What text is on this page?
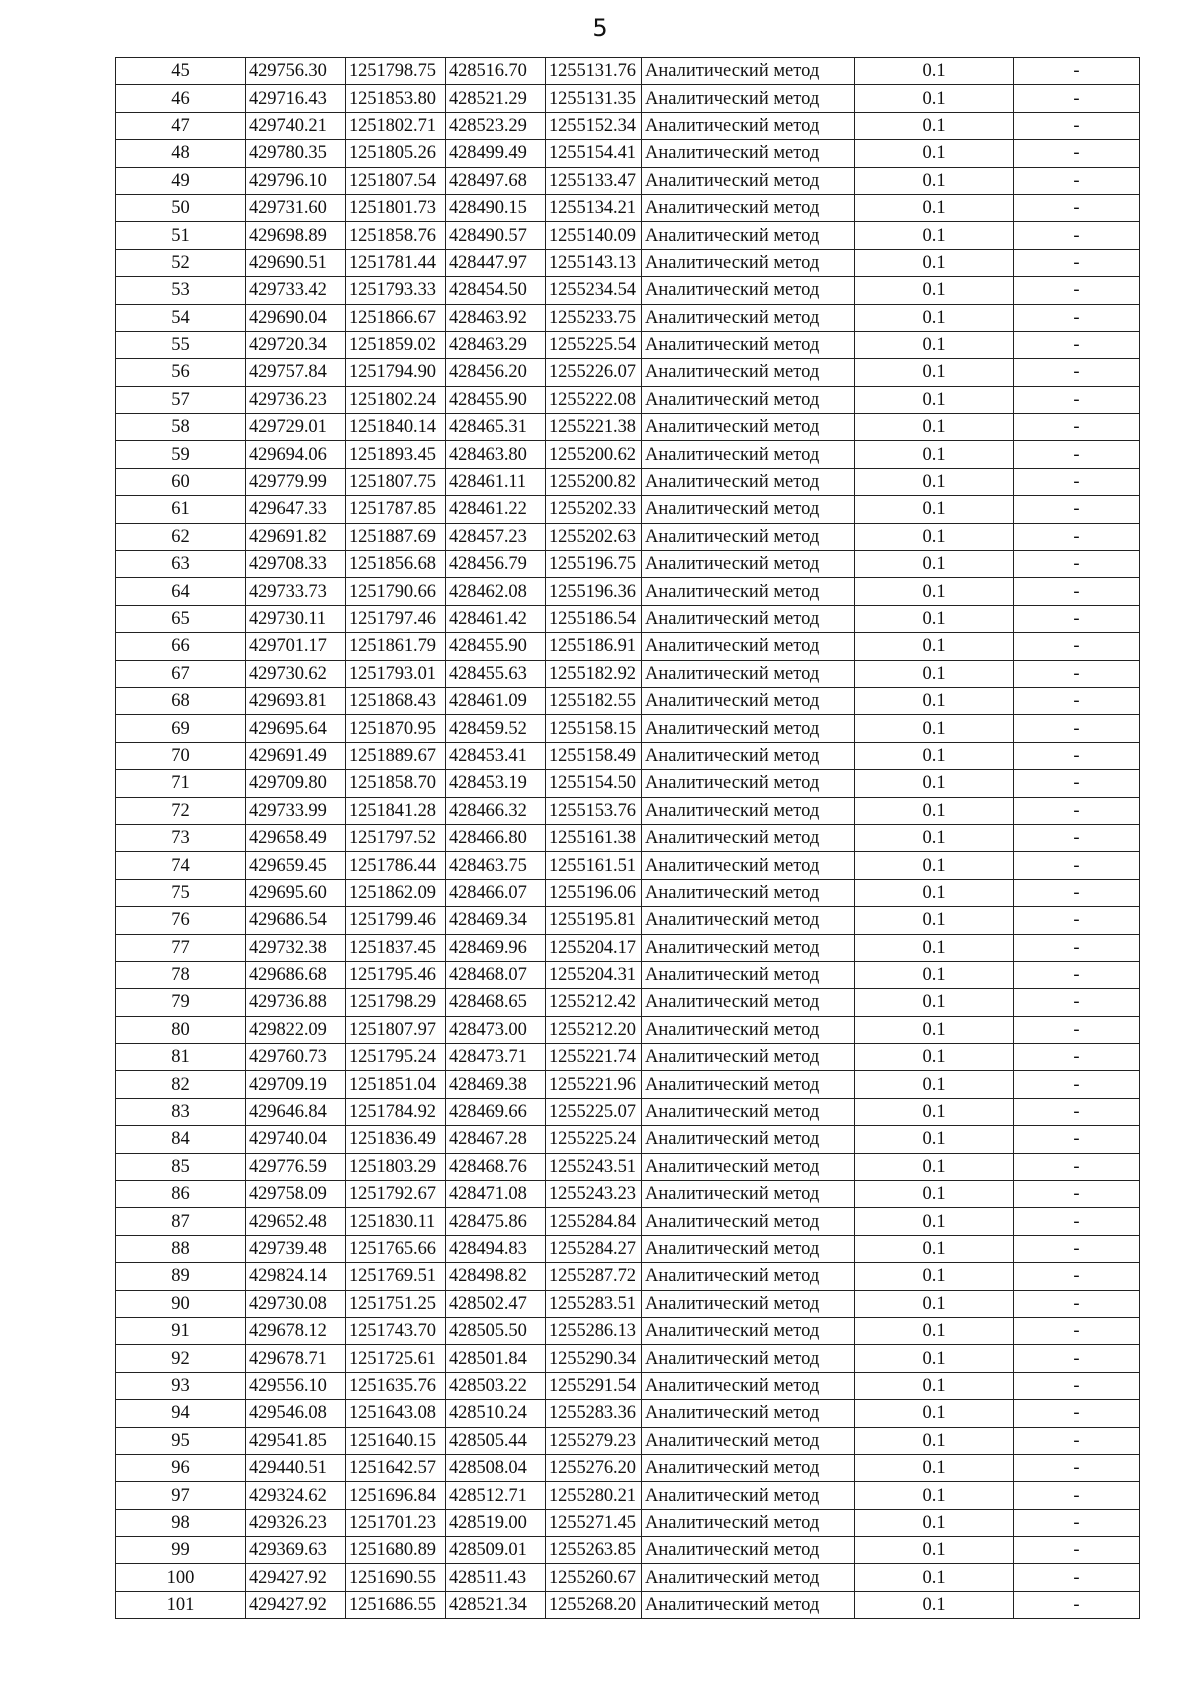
5
45	429756.30	1251798.75	428516.70	1255131.76	Аналитический метод	0.1	-
46	429716.43	1251853.80	428521.29	1255131.35	Аналитический метод	0.1	-
47	429740.21	1251802.71	428523.29	1255152.34	Аналитический метод	0.1	-
48	429780.35	1251805.26	428499.49	1255154.41	Аналитический метод	0.1	-
49	429796.10	1251807.54	428497.68	1255133.47	Аналитический метод	0.1	-
50	429731.60	1251801.73	428490.15	1255134.21	Аналитический метод	0.1	-
51	429698.89	1251858.76	428490.57	1255140.09	Аналитический метод	0.1	-
52	429690.51	1251781.44	428447.97	1255143.13	Аналитический метод	0.1	-
53	429733.42	1251793.33	428454.50	1255234.54	Аналитический метод	0.1	-
54	429690.04	1251866.67	428463.92	1255233.75	Аналитический метод	0.1	-
55	429720.34	1251859.02	428463.29	1255225.54	Аналитический метод	0.1	-
56	429757.84	1251794.90	428456.20	1255226.07	Аналитический метод	0.1	-
57	429736.23	1251802.24	428455.90	1255222.08	Аналитический метод	0.1	-
58	429729.01	1251840.14	428465.31	1255221.38	Аналитический метод	0.1	-
59	429694.06	1251893.45	428463.80	1255200.62	Аналитический метод	0.1	-
60	429779.99	1251807.75	428461.11	1255200.82	Аналитический метод	0.1	-
61	429647.33	1251787.85	428461.22	1255202.33	Аналитический метод	0.1	-
62	429691.82	1251887.69	428457.23	1255202.63	Аналитический метод	0.1	-
63	429708.33	1251856.68	428456.79	1255196.75	Аналитический метод	0.1	-
64	429733.73	1251790.66	428462.08	1255196.36	Аналитический метод	0.1	-
65	429730.11	1251797.46	428461.42	1255186.54	Аналитический метод	0.1	-
66	429701.17	1251861.79	428455.90	1255186.91	Аналитический метод	0.1	-
67	429730.62	1251793.01	428455.63	1255182.92	Аналитический метод	0.1	-
68	429693.81	1251868.43	428461.09	1255182.55	Аналитический метод	0.1	-
69	429695.64	1251870.95	428459.52	1255158.15	Аналитический метод	0.1	-
70	429691.49	1251889.67	428453.41	1255158.49	Аналитический метод	0.1	-
71	429709.80	1251858.70	428453.19	1255154.50	Аналитический метод	0.1	-
72	429733.99	1251841.28	428466.32	1255153.76	Аналитический метод	0.1	-
73	429658.49	1251797.52	428466.80	1255161.38	Аналитический метод	0.1	-
74	429659.45	1251786.44	428463.75	1255161.51	Аналитический метод	0.1	-
75	429695.60	1251862.09	428466.07	1255196.06	Аналитический метод	0.1	-
76	429686.54	1251799.46	428469.34	1255195.81	Аналитический метод	0.1	-
77	429732.38	1251837.45	428469.96	1255204.17	Аналитический метод	0.1	-
78	429686.68	1251795.46	428468.07	1255204.31	Аналитический метод	0.1	-
79	429736.88	1251798.29	428468.65	1255212.42	Аналитический метод	0.1	-
80	429822.09	1251807.97	428473.00	1255212.20	Аналитический метод	0.1	-
81	429760.73	1251795.24	428473.71	1255221.74	Аналитический метод	0.1	-
82	429709.19	1251851.04	428469.38	1255221.96	Аналитический метод	0.1	-
83	429646.84	1251784.92	428469.66	1255225.07	Аналитический метод	0.1	-
84	429740.04	1251836.49	428467.28	1255225.24	Аналитический метод	0.1	-
85	429776.59	1251803.29	428468.76	1255243.51	Аналитический метод	0.1	-
86	429758.09	1251792.67	428471.08	1255243.23	Аналитический метод	0.1	-
87	429652.48	1251830.11	428475.86	1255284.84	Аналитический метод	0.1	-
88	429739.48	1251765.66	428494.83	1255284.27	Аналитический метод	0.1	-
89	429824.14	1251769.51	428498.82	1255287.72	Аналитический метод	0.1	-
90	429730.08	1251751.25	428502.47	1255283.51	Аналитический метод	0.1	-
91	429678.12	1251743.70	428505.50	1255286.13	Аналитический метод	0.1	-
92	429678.71	1251725.61	428501.84	1255290.34	Аналитический метод	0.1	-
93	429556.10	1251635.76	428503.22	1255291.54	Аналитический метод	0.1	-
94	429546.08	1251643.08	428510.24	1255283.36	Аналитический метод	0.1	-
95	429541.85	1251640.15	428505.44	1255279.23	Аналитический метод	0.1	-
96	429440.51	1251642.57	428508.04	1255276.20	Аналитический метод	0.1	-
97	429324.62	1251696.84	428512.71	1255280.21	Аналитический метод	0.1	-
98	429326.23	1251701.23	428519.00	1255271.45	Аналитический метод	0.1	-
99	429369.63	1251680.89	428509.01	1255263.85	Аналитический метод	0.1	-
100	429427.92	1251690.55	428511.43	1255260.67	Аналитический метод	0.1	-
101	429427.92	1251686.55	428521.34	1255268.20	Аналитический метод	0.1	-
